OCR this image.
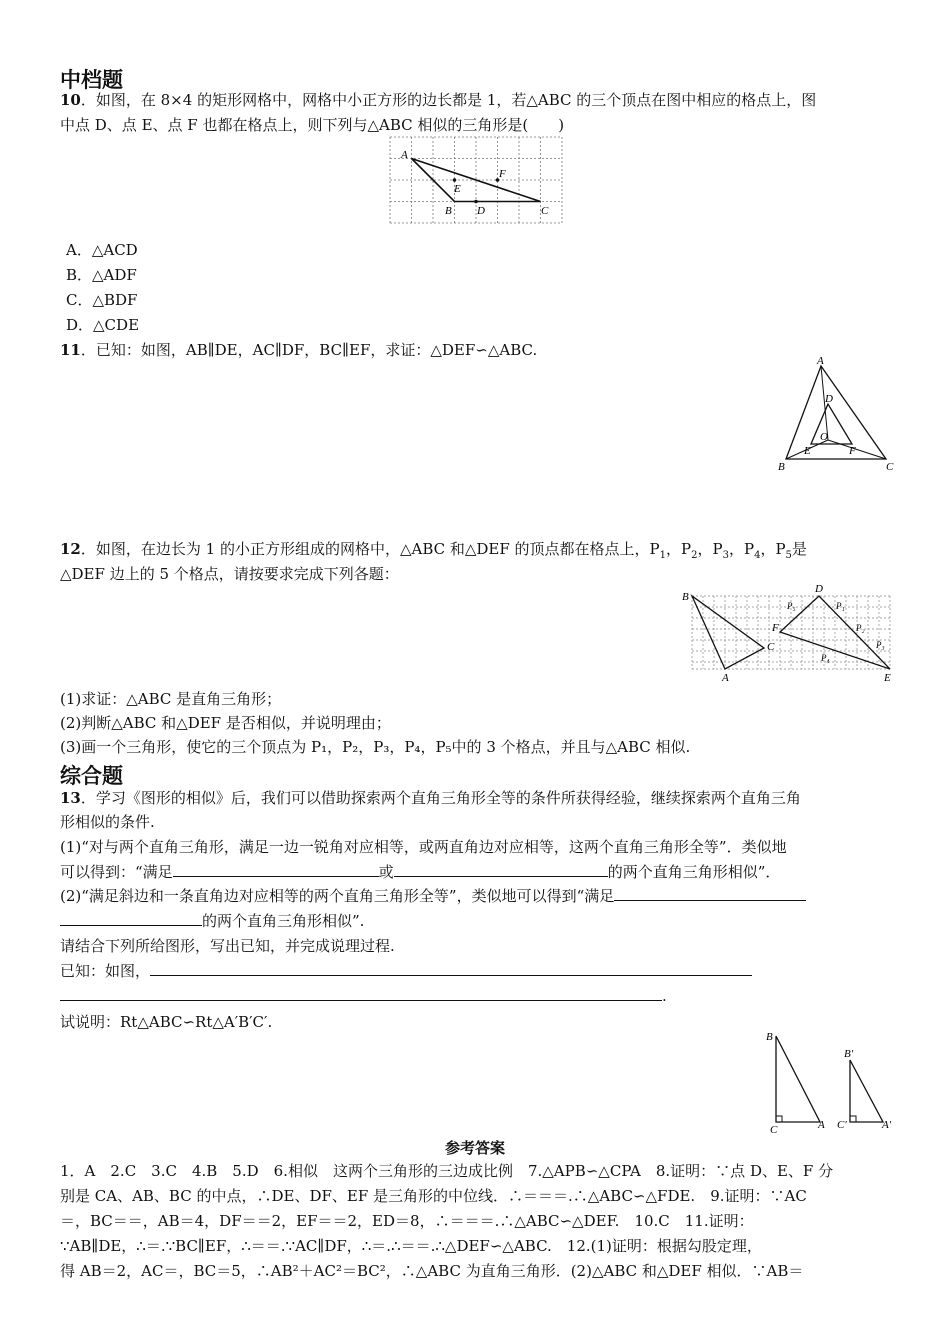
中档题
10．如图，在 8×4 的矩形网格中，网格中小正方形的边长都是 1，若△ABC 的三个顶点在图中相应的格点上，图
中点 D、点 E、点 F 也都在格点上，则下列与△ABC 相似的三角形是(　　)
A
B	C
D
E
F
A．△ACD
B．△ADF
C．△BDF
D．△CDE
11．已知：如图，AB∥DE，AC∥DF，BC∥EF，求证：△DEF∽△ABC.
A
B	C
D
E	F
O
12．如图，在边长为 1 的小正方形组成的网格中，△ABC 和△DEF 的顶点都在格点上，$P_1$，$P_2$，$P_3$，$P_4$，$P_5$是
△DEF 边上的 5 个格点，请按要求完成下列各题：
B
A
C
D
E
F
P₅	P₁
P₂
P₃
P₄
(1)求证：△ABC 是直角三角形；
(2)判断△ABC 和△DEF 是否相似，并说明理由；
(3)画一个三角形，使它的三个顶点为 P₁，P₂，P₃，P₄，P₅中的 3 个格点，并且与△ABC 相似.
综合题
13．学习《图形的相似》后，我们可以借助探索两个直角三角形全等的条件所获得经验，继续探索两个直角三角
形相似的条件.
(1)“对与两个直角三角形，满足一边一锐角对应相等，或两直角边对应相等，这两个直角三角形全等”．类似地
可以得到：“满足	或	的两个直角三角形相似”．
(2)“满足斜边和一条直角边对应相等的两个直角三角形全等”，类似地可以得到“满足
的两个直角三角形相似”.
请结合下列所给图形，写出已知，并完成说理过程.
已知：如图，
.
试说明：Rt△ABC∽Rt△A′B′C′.
B
C	A
B′
C′	A′
参考答案
1．A　2.C　3.C　4.B　5.D　6.相似　这两个三角形的三边成比例　7.△APB∽△CPA　8.证明：∵点 D、E、F 分
别是 CA、AB、BC 的中点，∴DE、DF、EF 是三角形的中位线．∴＝＝＝.∴△ABC∽△FDE.　9.证明：∵AC
＝，BC＝＝，AB＝4，DF＝＝2，EF＝＝2，ED＝8，∴＝＝＝.∴△ABC∽△DEF.　10.C　11.证明：
∵AB∥DE，∴＝.∵BC∥EF，∴＝＝.∵AC∥DF，∴＝.∴＝＝.∴△DEF∽△ABC.　12.(1)证明：根据勾股定理，
得 AB＝2，AC＝，BC＝5，∴AB²＋AC²＝BC²，∴△ABC 为直角三角形．(2)△ABC 和△DEF 相似．∵AB＝
